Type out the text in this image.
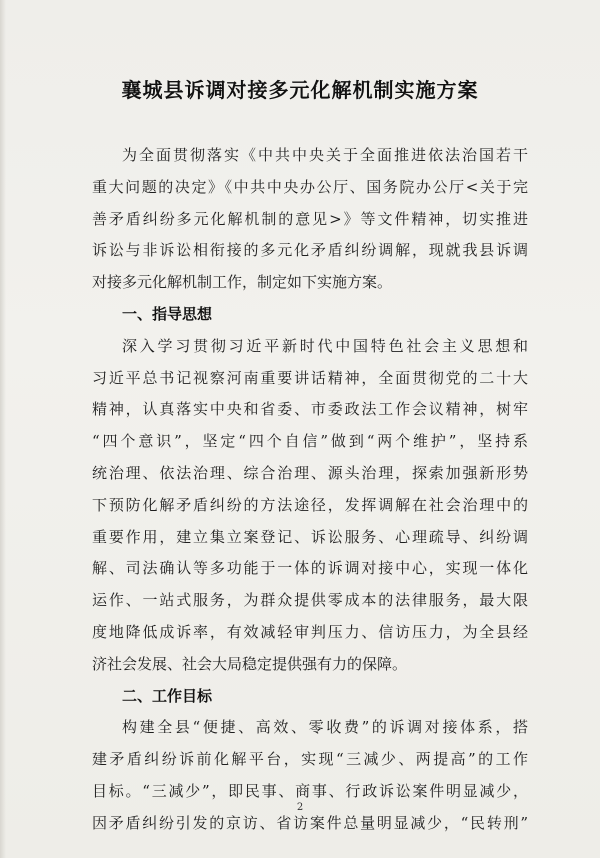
襄城县诉调对接多元化解机制实施方案
为全面贯彻落实《中共中央关于全面推进依法治国若干
重大问题的决定》《中共中央办公厅、国务院办公厅<关于完
善矛盾纠纷多元化解机制的意见>》等文件精神，切实推进
诉讼与非诉讼相衔接的多元化矛盾纠纷调解，现就我县诉调
对接多元化解机制工作，制定如下实施方案。
一、指导思想
深入学习贯彻习近平新时代中国特色社会主义思想和
习近平总书记视察河南重要讲话精神，全面贯彻党的二十大
精神，认真落实中央和省委、市委政法工作会议精神，树牢
“四个意识”，坚定“四个自信”做到“两个维护”，坚持系
统治理、依法治理、综合治理、源头治理，探索加强新形势
下预防化解矛盾纠纷的方法途径，发挥调解在社会治理中的
重要作用，建立集立案登记、诉讼服务、心理疏导、纠纷调
解、司法确认等多功能于一体的诉调对接中心，实现一体化
运作、一站式服务，为群众提供零成本的法律服务，最大限
度地降低成诉率，有效减轻审判压力、信访压力，为全县经
济社会发展、社会大局稳定提供强有力的保障。
二、工作目标
构建全县“便捷、高效、零收费”的诉调对接体系，搭
建矛盾纠纷诉前化解平台，实现“三减少、两提高”的工作
目标。“三减少”，即民事、商事、行政诉讼案件明显减少，
因矛盾纠纷引发的京访、省访案件总量明显减少，“民转刑”
2
